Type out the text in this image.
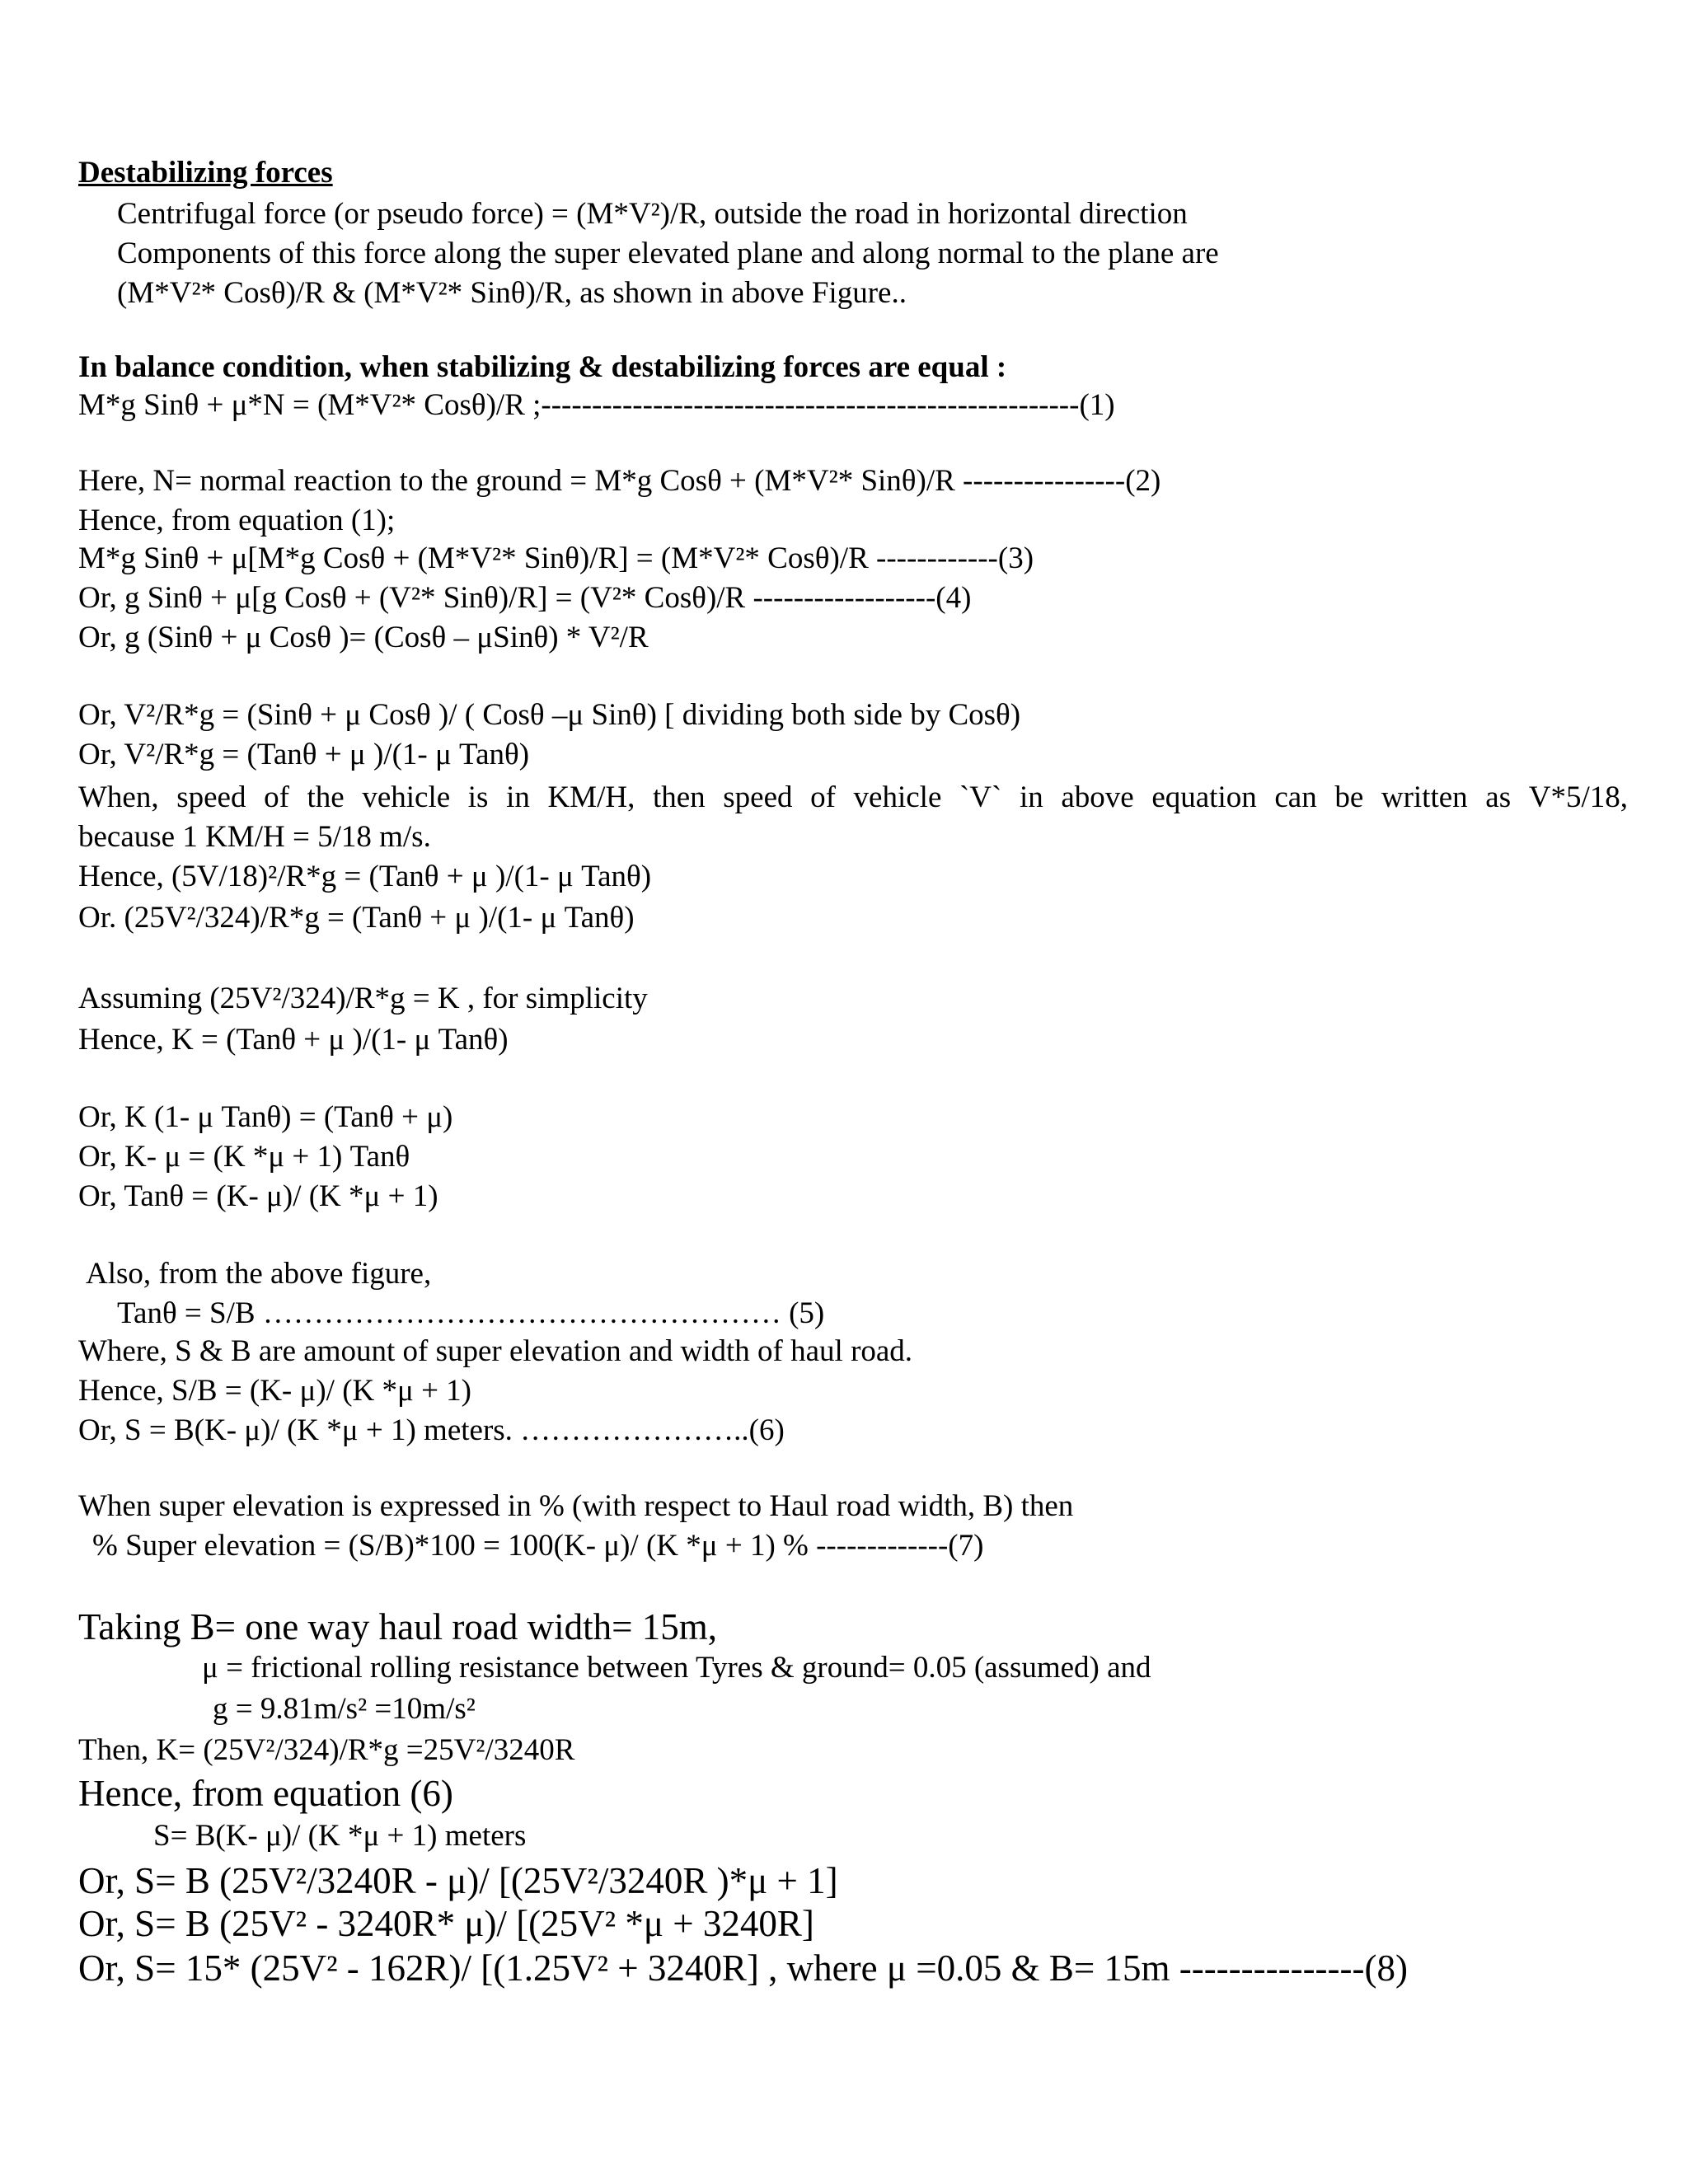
Destabilizing forces
Centrifugal force (or pseudo force) = (M*V²)/R, outside the road in horizontal direction
Components of this force along the super elevated plane and along normal to the plane are
(M*V²* Cosθ)/R & (M*V²* Sinθ)/R, as shown in above Figure..
In balance condition, when stabilizing & destabilizing forces are equal :
M*g Sinθ + μ*N = (M*V²* Cosθ)/R ;-----------------------------------------------------(1)
Here, N= normal reaction to the ground = M*g Cosθ + (M*V²* Sinθ)/R ----------------(2)
Hence, from equation (1);
M*g Sinθ + μ[M*g Cosθ + (M*V²* Sinθ)/R] = (M*V²* Cosθ)/R ------------(3)
Or, g Sinθ + μ[g Cosθ + (V²* Sinθ)/R] = (V²* Cosθ)/R ------------------(4)
Or, g (Sinθ + μ Cosθ )= (Cosθ – μSinθ) * V²/R
Or, V²/R*g = (Sinθ + μ Cosθ )/ ( Cosθ –μ Sinθ) [ dividing both side by Cosθ)
Or, V²/R*g = (Tanθ + μ )/(1- μ Tanθ)
When, speed of the vehicle is in KM/H, then speed of vehicle `V` in above equation can be written as V*5/18,
because 1 KM/H = 5/18 m/s.
Hence, (5V/18)²/R*g = (Tanθ + μ )/(1- μ Tanθ)
Or. (25V²/324)/R*g = (Tanθ + μ )/(1- μ Tanθ)
Assuming (25V²/324)/R*g = K , for simplicity
Hence, K = (Tanθ + μ )/(1- μ Tanθ)
Or, K (1- μ Tanθ) = (Tanθ + μ)
Or, K- μ = (K *μ + 1) Tanθ
Or, Tanθ = (K- μ)/ (K *μ + 1)
Also, from the above figure,
Tanθ = S/B …………………………………………… (5)
Where, S & B are amount of super elevation and width of haul road.
Hence, S/B = (K- μ)/ (K *μ + 1)
Or, S = B(K- μ)/ (K *μ + 1) meters. …………………..(6)
When super elevation is expressed in % (with respect to Haul road width, B) then
% Super elevation = (S/B)*100 = 100(K- μ)/ (K *μ + 1) % -------------(7)
Taking B= one way haul road width= 15m,
μ = frictional rolling resistance between Tyres & ground= 0.05 (assumed) and
g = 9.81m/s² =10m/s²
Then, K= (25V²/324)/R*g =25V²/3240R
Hence, from equation (6)
S= B(K- μ)/ (K *μ + 1) meters
Or, S= B (25V²/3240R - μ)/ [(25V²/3240R )*μ + 1]
Or, S= B (25V² - 3240R* μ)/ [(25V² *μ + 3240R]
Or, S= 15* (25V² - 162R)/ [(1.25V² + 3240R] , where μ =0.05 & B= 15m ---------------(8)
